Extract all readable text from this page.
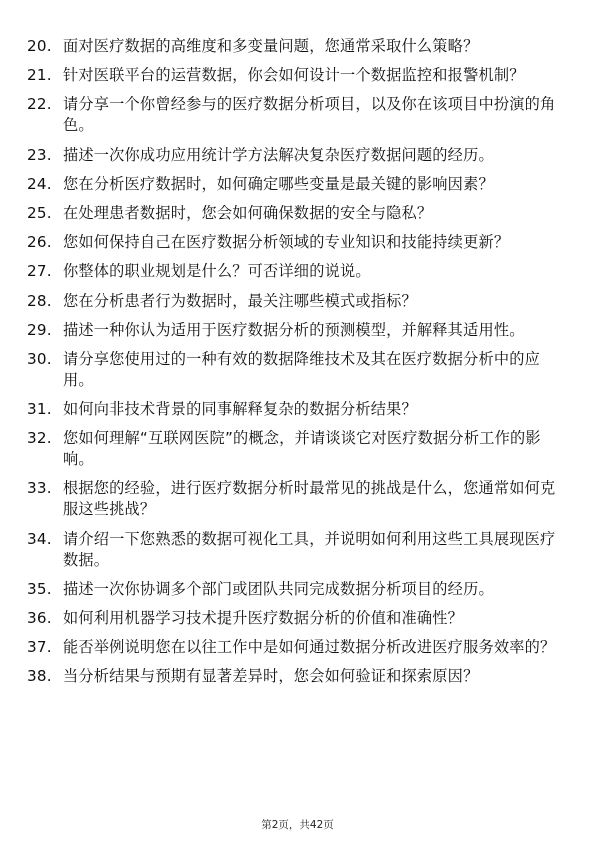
20. 面对医疗数据的高维度和多变量问题，您通常采取什么策略？
21. 针对医联平台的运营数据，你会如何设计一个数据监控和报警机制？
22. 请分享一个你曾经参与的医疗数据分析项目，以及你在该项目中扮演的角色。
23. 描述一次你成功应用统计学方法解决复杂医疗数据问题的经历。
24. 您在分析医疗数据时，如何确定哪些变量是最关键的影响因素？
25. 在处理患者数据时，您会如何确保数据的安全与隐私？
26. 您如何保持自己在医疗数据分析领域的专业知识和技能持续更新？
27. 你整体的职业规划是什么？可否详细的说说。
28. 您在分析患者行为数据时，最关注哪些模式或指标？
29. 描述一种你认为适用于医疗数据分析的预测模型，并解释其适用性。
30. 请分享您使用过的一种有效的数据降维技术及其在医疗数据分析中的应用。
31. 如何向非技术背景的同事解释复杂的数据分析结果？
32. 您如何理解“互联网医院”的概念，并请谈谈它对医疗数据分析工作的影响。
33. 根据您的经验，进行医疗数据分析时最常见的挑战是什么，您通常如何克服这些挑战？
34. 请介绍一下您熟悉的数据可视化工具，并说明如何利用这些工具展现医疗数据。
35. 描述一次你协调多个部门或团队共同完成数据分析项目的经历。
36. 如何利用机器学习技术提升医疗数据分析的价值和准确性？
37. 能否举例说明您在以往工作中是如何通过数据分析改进医疗服务效率的？
38. 当分析结果与预期有显著差异时，您会如何验证和探索原因？
第2页，共42页
